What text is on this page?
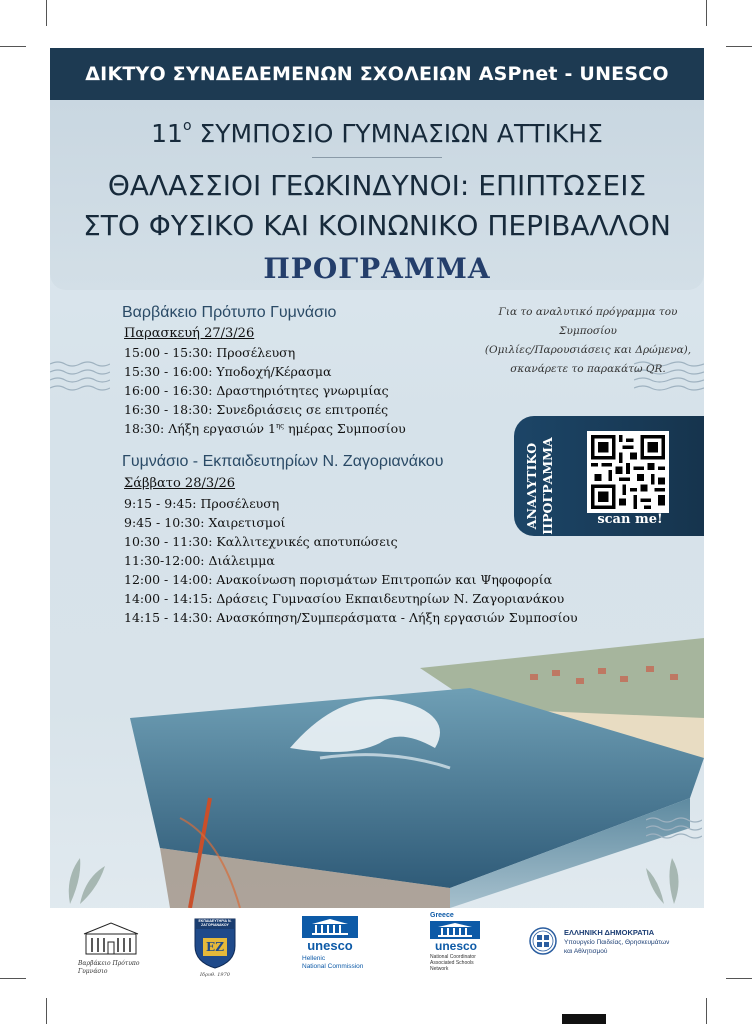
ΔΙΚΤΥΟ ΣΥΝΔΕΔΕΜΕΝΩΝ ΣΧΟΛΕΙΩΝ ASPnet - UNESCO
$11^o$ ΣΥΜΠΟΣΙΟ ΓΥΜΝΑΣΙΩΝ ΑΤΤΙΚΗΣ
ΘΑΛΑΣΣΙΟΙ ΓΕΩΚΙΝΔΥΝΟΙ: ΕΠΙΠΤΩΣΕΙΣ
ΣΤΟ ΦΥΣΙΚΟ ΚΑΙ ΚΟΙΝΩΝΙΚΟ ΠΕΡΙΒΑΛΛΟΝ
ΠΡΟΓΡΑΜΜΑ
Βαρβάκειο Πρότυπο Γυμνάσιο
Παρασκευή 27/3/26
15:00 - 15:30: Προσέλευση
15:30 - 16:00: Υποδοχή/Κέρασμα
16:00 - 16:30: Δραστηριότητες γνωριμίας
16:30 - 18:30: Συνεδριάσεις σε επιτροπές
18:30: Λήξη εργασιών $1^{\eta\varsigma}$ ημέρας Συμποσίου
Γυμνάσιο - Εκπαιδευτηρίων Ν. Ζαγοριανάκου
Σάββατο 28/3/26
9:15 - 9:45: Προσέλευση
9:45 - 10:30: Χαιρετισμοί
10:30 - 11:30: Καλλιτεχνικές αποτυπώσεις
11:30-12:00: Διάλειμμα
12:00 - 14:00: Ανακοίνωση πορισμάτων Επιτροπών και Ψηφοφορία
14:00 - 14:15: Δράσεις Γυμνασίου Εκπαιδευτηρίων Ν. Ζαγοριανάκου
14:15 - 14:30: Ανασκόπηση/Συμπεράσματα - Λήξη εργασιών Συμποσίου
Για το αναλυτικό πρόγραμμα του Συμποσίου
(Ομιλίες/Παρουσιάσεις και Δρώμενα),
σκανάρετε το παρακάτω QR.
ΑΝΑΛΥΤΙΚΟ ΠΡΟΓΡΑΜΜΑ	scan me!
Βαρβάκειο Πρότυπο Γυμνάσιο
ΕΚΠΑΙΔΕΥΤΗΡΙΑ Ν. ΖΑΓΟΡΙΑΝΑΚΟΥ
EZ
Ιδρυθ. 1970
unesco
Hellenic
National Commission
Greece
unesco
National Coordinator
Associated Schools
Network
ΕΛΛΗΝΙΚΗ ΔΗΜΟΚΡΑΤΙΑ
Υπουργείο Παιδείας, Θρησκευμάτων
και Αθλητισμού
